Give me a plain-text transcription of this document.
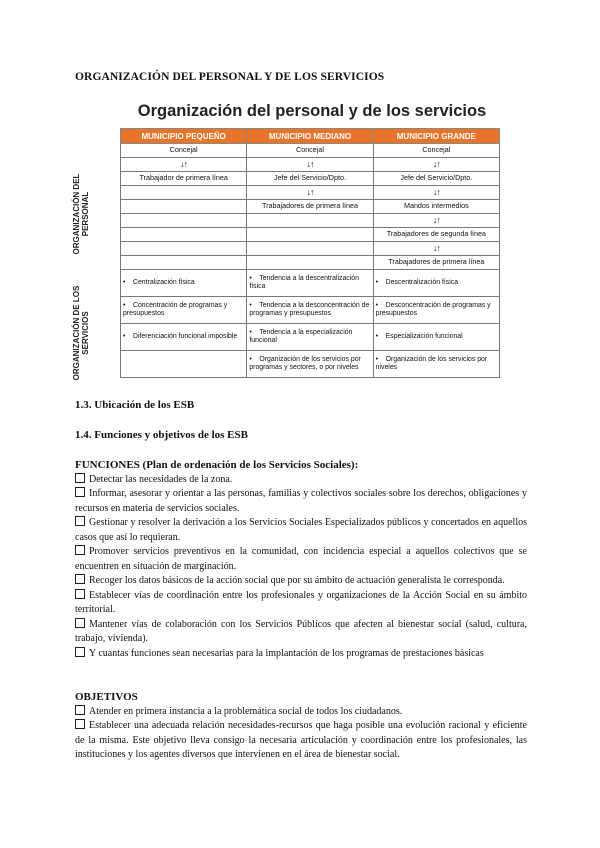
ORGANIZACIÓN DEL PERSONAL Y DE LOS SERVICIOS
Organización del personal y de los servicios
ORGANIZACIÓN DEL PERSONAL
ORGANIZACIÓN DE LOS SERVICIOS
MUNICIPIO PEQUEÑO	MUNICIPIO MEDIANO	MUNICIPIO GRANDE
Concejal	Concejal	Concejal
↓↑	↓↑	↓↑
Trabajador de primera línea	Jefe del Servicio/Dpto.	Jefe del Servicio/Dpto.
	↓↑	↓↑
	Trabajadores de primera línea	Mandos intermedios
		↓↑
		Trabajadores de segunda línea
		↓↑
		Trabajadores de primera línea
• Centralización física	• Tendencia a la descentralización física	• Descentralización física
• Concentración de programas y presupuestos	• Tendencia a la desconcentración de programas y presupuestos	• Desconcentración de programas y presupuestos
• Diferenciación funcional imposible	• Tendencia a la especialización funcional	• Especialización funcional
	• Organización de los servicios por programas y sectores, o por niveles	• Organización de los servicios por niveles

1.3. Ubicación de los ESB

1.4. Funciones y objetivos de los ESB

FUNCIONES (Plan de ordenación de los Servicios Sociales):

Detectar las necesidades de la zona.

Informar, asesorar y orientar a las personas, familias y colectivos sociales sobre los derechos, obligaciones y recursos en materia de servicios sociales.

Gestionar y resolver la derivación a los Servicios Sociales Especializados públicos y concertados en aquellos casos que así lo requieran.

Promover servicios preventivos en la comunidad, con incidencia especial a aquellos colectivos que se encuentren en situación de marginación.

Recoger los datos básicos de la acción social que por su ámbito de actuación generalista le corresponda.

Establecer vías de coordinación entre los profesionales y organizaciones de la Acción Social en su ámbito territorial.

Mantener vías de colaboración con los Servicios Públicos que afecten al bienestar social (salud, cultura, trabajo, vivienda).

Y cuantas funciones sean necesarias para la implantación de los programas de prestaciones básicas

OBJETIVOS

Atender en primera instancia a la problemática social de todos los ciudadanos.

Establecer una adecuada relación necesidades-recursos que haga posible una evolución racional y eficiente de la misma. Este objetivo lleva consigo la necesaria articulación y coordinación entre los profesionales, las instituciones y los agentes diversos que intervienen en el área de bienestar social.
